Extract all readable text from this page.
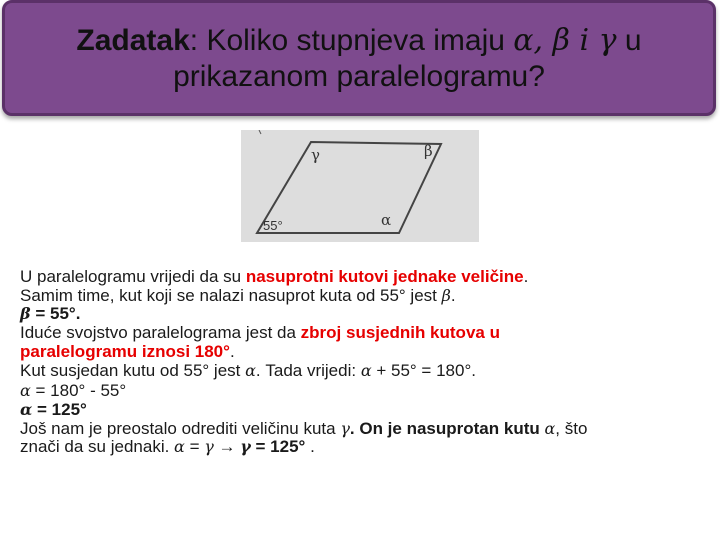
Zadatak: Koliko stupnjeva imaju α, β i γ u
prikazanom paralelogramu?
γ	β
α
55°
U paralelogramu vrijedi da su nasuprotni kutovi jednake veličine.
Samim time, kut koji se nalazi nasuprot kuta od 55° jest β.
β = 55°.
Iduće svojstvo paralelograma jest da zbroj susjednih kutova u
paralelogramu iznosi 180°.
Kut susjedan kutu od 55° jest α. Tada vrijedi: α + 55° = 180°.
α = 180° - 55°
α = 125°
Još nam je preostalo odrediti veličinu kuta γ. On je nasuprotan kutu α, što
znači da su jednaki. α = γ → γ = 125° .
